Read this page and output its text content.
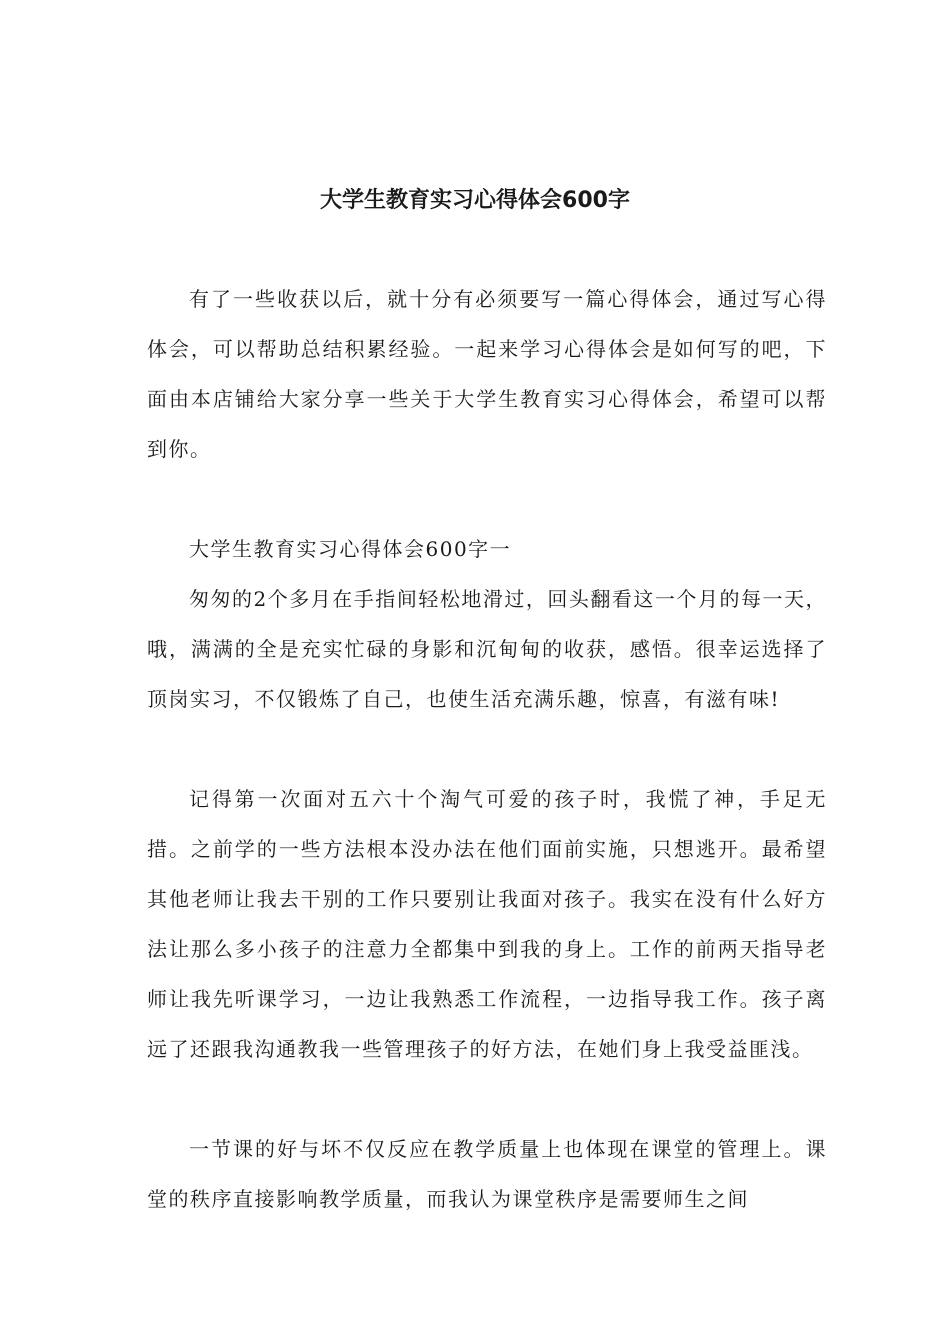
大学生教育实习心得体会600字

有了一些收获以后，就十分有必须要写一篇心得体会，通过写心得体会，可以帮助总结积累经验。一起来学习心得体会是如何写的吧，下面由本店铺给大家分享一些关于大学生教育实习心得体会，希望可以帮到你。

大学生教育实习心得体会600字一

匆匆的2个多月在手指间轻松地滑过，回头翻看这一个月的每一天，哦，满满的全是充实忙碌的身影和沉甸甸的收获，感悟。很幸运选择了顶岗实习，不仅锻炼了自己，也使生活充满乐趣，惊喜，有滋有味!

记得第一次面对五六十个淘气可爱的孩子时，我慌了神，手足无措。之前学的一些方法根本没办法在他们面前实施，只想逃开。最希望其他老师让我去干别的工作只要别让我面对孩子。我实在没有什么好方法让那么多小孩子的注意力全都集中到我的身上。工作的前两天指导老师让我先听课学习，一边让我熟悉工作流程，一边指导我工作。孩子离远了还跟我沟通教我一些管理孩子的好方法，在她们身上我受益匪浅。

一节课的好与坏不仅反应在教学质量上也体现在课堂的管理上。课堂的秩序直接影响教学质量，而我认为课堂秩序是需要师生之间
